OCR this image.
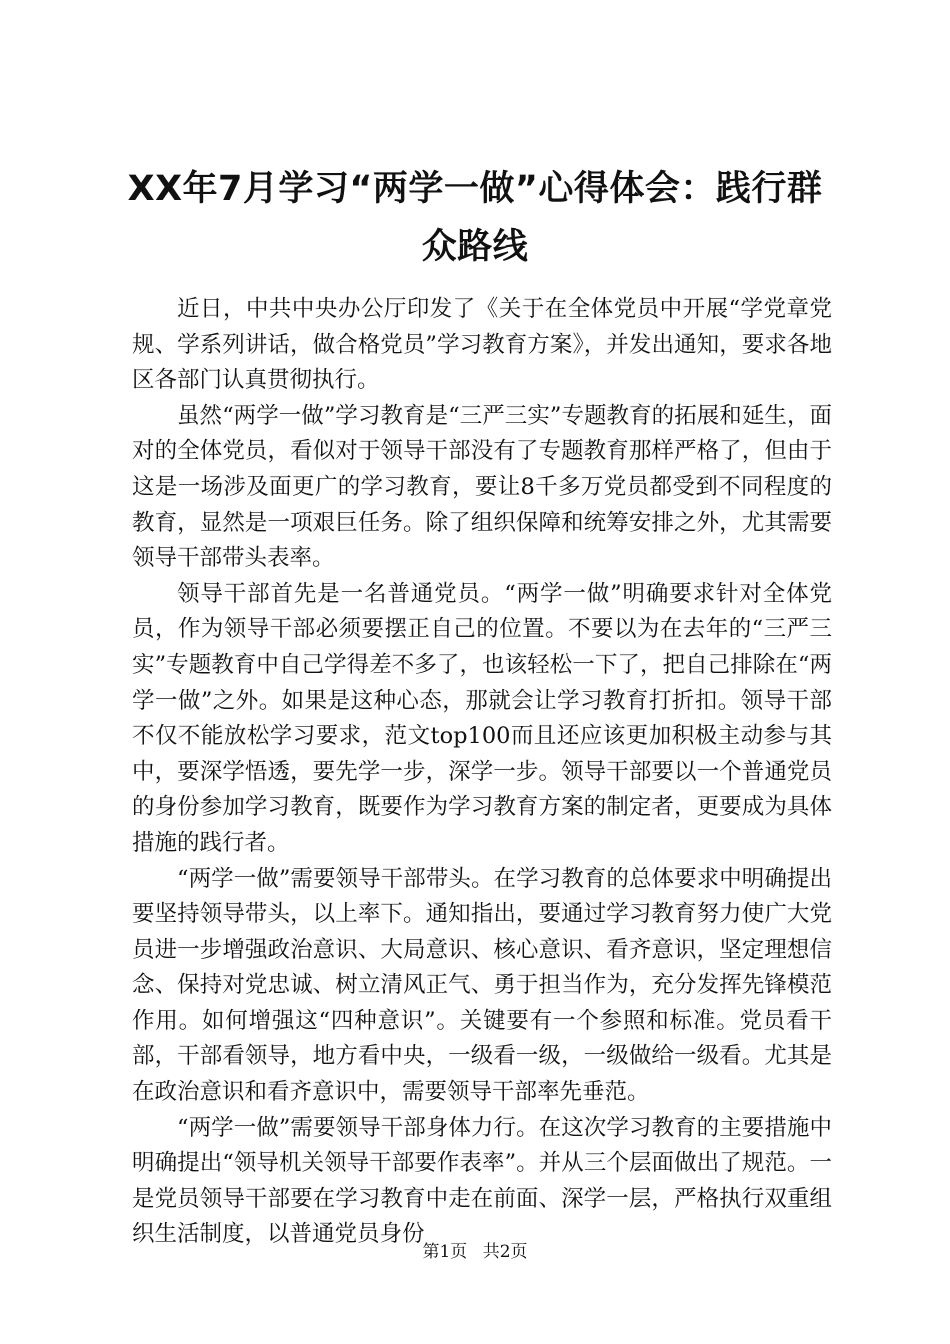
XX年7月学习“两学一做”心得体会：践行群众路线

近日，中共中央办公厅印发了《关于在全体党员中开展“学党章党规、学系列讲话，做合格党员”学习教育方案》，并发出通知，要求各地区各部门认真贯彻执行。

虽然“两学一做”学习教育是“三严三实”专题教育的拓展和延生，面对的全体党员，看似对于领导干部没有了专题教育那样严格了，但由于这是一场涉及面更广的学习教育，要让8千多万党员都受到不同程度的教育，显然是一项艰巨任务。除了组织保障和统筹安排之外，尤其需要领导干部带头表率。

领导干部首先是一名普通党员。“两学一做”明确要求针对全体党员，作为领导干部必须要摆正自己的位置。不要以为在去年的“三严三实”专题教育中自己学得差不多了，也该轻松一下了，把自己排除在“两学一做”之外。如果是这种心态，那就会让学习教育打折扣。领导干部不仅不能放松学习要求，范文top100而且还应该更加积极主动参与其中，要深学悟透，要先学一步，深学一步。领导干部要以一个普通党员的身份参加学习教育，既要作为学习教育方案的制定者，更要成为具体措施的践行者。

“两学一做”需要领导干部带头。在学习教育的总体要求中明确提出要坚持领导带头，以上率下。通知指出，要通过学习教育努力使广大党员进一步增强政治意识、大局意识、核心意识、看齐意识，坚定理想信念、保持对党忠诚、树立清风正气、勇于担当作为，充分发挥先锋模范作用。如何增强这“四种意识”。关键要有一个参照和标准。党员看干部，干部看领导，地方看中央，一级看一级，一级做给一级看。尤其是在政治意识和看齐意识中，需要领导干部率先垂范。

“两学一做”需要领导干部身体力行。在这次学习教育的主要措施中明确提出“领导机关领导干部要作表率”。并从三个层面做出了规范。一是党员领导干部要在学习教育中走在前面、深学一层，严格执行双重组织生活制度，以普通党员身份

第1页 共2页
